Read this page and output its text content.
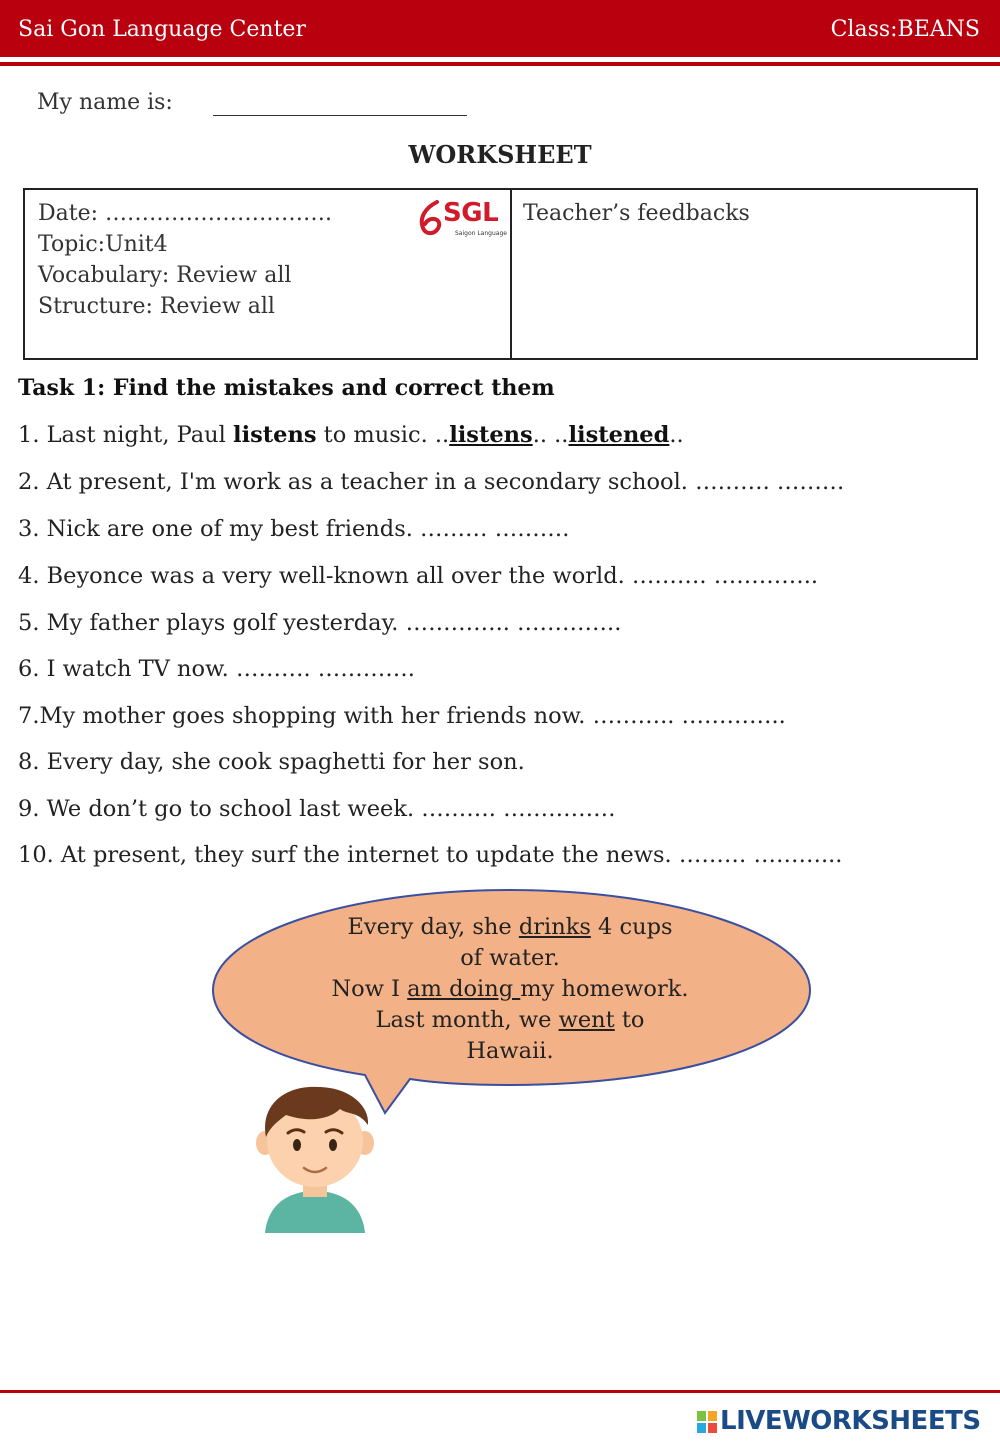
Sai Gon Language Center	Class:BEANS
My name is:
WORKSHEET
Date: ………………………….
Topic:Unit4
Vocabulary: Review all
Structure: Review all
SGL
Saigon Language
Teacher’s feedbacks
Task 1: Find the mistakes and correct them
1. Last night, Paul listens to music. ..listens.. ..listened..
2. At present, I'm work as a teacher in a secondary school. ………. ………
3. Nick are one of my best friends. ……… ……….
4. Beyonce was a very well-known all over the world. ………. …………..
5. My father plays golf yesterday. ………….. …………..
6. I watch TV now. ………. ………….
7.My mother goes shopping with her friends now. ……….. …………..
8. Every day, she cook spaghetti for her son.
9. We don’t go to school last week. ………. ……………
10. At present, they surf the internet to update the news. ……… ………...
Every day, she drinks 4 cups
of water.
Now I am doing my homework.
Last month, we went to
Hawaii.
LIVEWORKSHEETS
